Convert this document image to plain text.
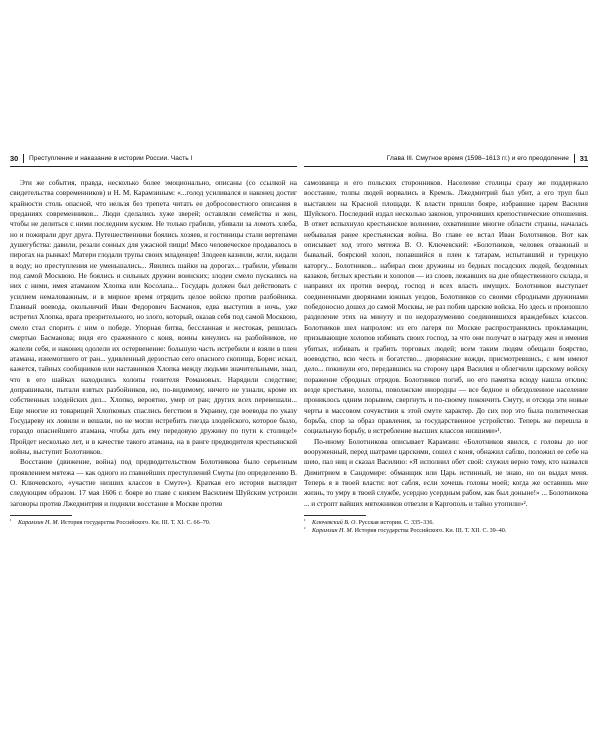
30 Преступление и наказание в истории России. Часть I

Эти же события, правда, несколько более эмоционально, описаны (со ссылкой на свидетельства современников) и Н. М. Карамзиным: «...голод усиливался и наконец достиг крайности столь опасной, что нельзя без трепета читать ее добросовестного описания в преданиях современников... Люди сделались хуже зверей; оставляли семейства и жен, чтобы не делиться с ними последним куском. Не только грабили, убивали за ломоть хлеба, но и пожирали друг друга. Путешественники боялись хозяев, и гостиницы стали вертепами душегубства: давили, резали сонных для ужасной пищи! Мясо человеческое продавалось в пирогах на рынках! Матери глодали трупы своих младенцев! Злодеев казнили, жгли, кидали в воду; но преступления не уменьшались... Явились шайки на дорогах... грабили, убивали под самой Москвою. Не боялись и сильных дружин воинских; злодеи смело пускались на них с ними, имея атаманом Хлопка или Косолапа... Государь должен был действовать с усилием немаловажным, и в мирное время отрядить целое войско против разбойника. Главный воевода, окольничий Иван Федорович Басманов, едва выступив в ночь, уже встретил Хлопка, врага презрительного, но злого, который, оказав себя под самой Москвою, смело стал спорить с ним о победе. Упорная битва, бессланная и жестокая, решилась смертью Басманова; видя его сраженного с коня, воины кинулись на разбойников, не жалели себя, и наконец одолели их остервенение: большую часть истребили и взяли в плен атамана, изнемогшего от ран... удивленный дерзостью сего опасного скопища, Борис искал, кажется, тайных сообщников или наставников Хлопка между людьми значительными, знал, что в его шайках находились холопы гонителя Романовых. Нарядили следствие; допрашивали, пытали взятых разбойников, но, по-видимому, ничего не узнали, кроме их собственных злодейских дел... Хлопко, вероятно, умер от ран; других всех перевешали... Еще многие из товарищей Хлопковых спаслись бегством в Украину, где воеводы по указу Государеву их ловили и вешали, но не могли истребить гнезда злодейского, которое было, гораздо опаснейшего атамана, чтобы дать ему передовую дружину по пути к столице!» Пройдет несколько лет, и в качестве такого атамана, на в ранге предводителя крестьянской войны, выступит Болотников.

Восстание (движение, война) под предводительством Болотникова было серьезным проявлением мятежа — как одного из главнейших преступлений Смуты (по определению В. О. Ключевского, «участие низших классов в Смуте»). Краткая его история выглядит следующим образом. 17 мая 1606 г. бояре во главе с князем Василием Шуйским устроили заговоры против Лжедмитрия и подняли восстание в Москве против

¹ Карамзин Н. М. История государства Российского. Кн. III. Т. XI. С. 66–70.
Глава III. Смутное время (1598–1613 гг.) и его преодоление 31

самозванца и его польских сторонников. Население столицы сразу же поддержало восстание, толпы людей ворвались в Кремль. Лжедмитрий был убит, а его труп был выставлен на Красной площади. К власти пришли бояре, избравшие царем Василия Шуйского. Последний издал несколько законов, упрочивших крепостнические отношения. В ответ вспыхнуло крестьянское волнение, охватившие многие области страны, началась небывалая ранее крестьянская война. Во главе ее встал Иван Болотников. Вот как описывает ход этого мятежа В. О. Ключевский: «Болотников, человек отважный и бывалый, боярский холоп, попавшийся в плен к татарам, испытавший и турецкую каторгу... Болотников... набирал свои дружины из бедных посадских людей, бездомных казаков, беглых крестьян и холопов — из слоев, лежавших на дне общественного склада, и направил их против веерод, господ и всех власть имущих. Болотников выступает соединенными дворянами южных уездов, Болотников со своими сбродными дружинами победоносно дошел до самой Москвы, не раз побив царские войска. Но здесь и произошло разделение этих на минуту и по недоразумению соединившихся враждебных классов. Болотников шел напролом: из его лагеря по Москве распространялись прокламации, призывающие холопов избивать своих господ, за что они получат в награду жен и имения убитых, избивать и грабить торговых людей; всем таким людям обещали боярство, воеводство, всю честь и богатство... дворянские вожди, присмотревшись, с кем имеют дело... покинули его, передавшись на сторону царя Василия и облегчили царскому войску поражение сбродных отрядов. Болотников погиб, но его памятка всюду нашла отклик: везде крестьяне, холопы, поволжские инородцы — все бедное и обездоленное население прониклось одним порывом, свергнуть и по-своему покончить Смуту, и отсюда эти новые черты в массовом сочувствии к этой смуте характер. До сих пор это была политическая борьба, спор за образ правления, за государственное устройство. Теперь же перешла в социальную борьбу, в истребление высших классов низшими»¹.

По-иному Болотникова описывает Карамзин: «Болотников явился, с головы до ног вооруженный, перед шатрами царскими, сошел с коня, обнажил саблю, положил ее себе на шею, пал ниц и сказал Василию: «Я исполнил обет свой: служил верно тому, кто назвался Димитрием в Сандомире: обманщик или Царь истинный, не знаю, но он выдал меня. Теперь я в твоей власти: вот сабля, если хочешь головы моей; когда же оставишь мне жизнь, то умру в твоей службе, усердно усердным рабом, как был доныне!» ... Болотникова ... и стропт вайших мятежников отвезли в Каргополь и тайно утопили»².

¹ Ключевский В. О. Русская история. С. 335–336.
² Карамзин Н. М. История государства Российского. Кн. III. Т. XII. С. 39–40.
